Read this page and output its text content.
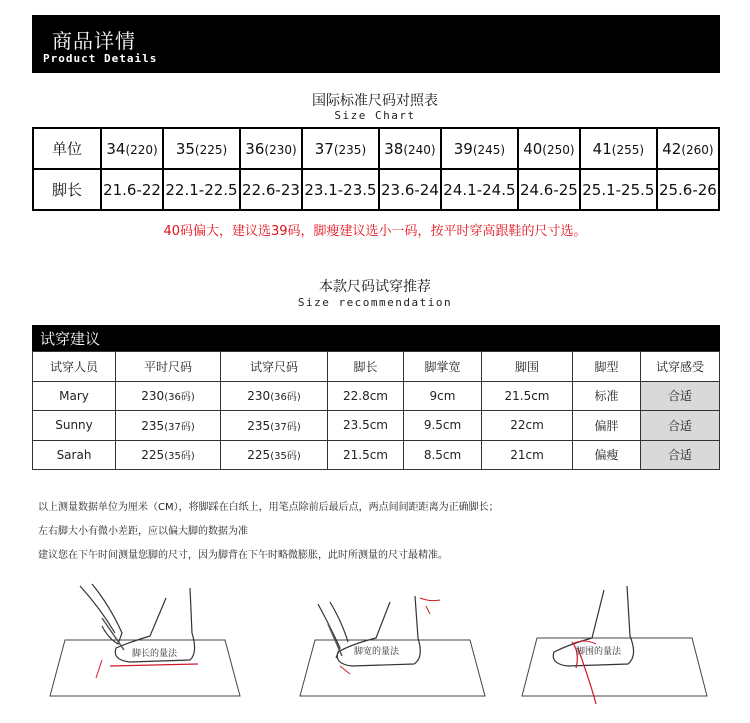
商品详情
Product Details
国际标准尺码对照表
Size Chart
单位	34(220)	35(225)	36(230)	37(235)	38(240)	39(245)	40(250)	41(255)	42(260)
脚长	21.6-22	22.1-22.5	22.6-23	23.1-23.5	23.6-24	24.1-24.5	24.6-25	25.1-25.5	25.6-26
40码偏大，建议选39码，脚瘦建议选小一码，按平时穿高跟鞋的尺寸选。
本款尺码试穿推荐
Size recommendation
试穿建议
试穿人员	平时尺码	试穿尺码	脚长	脚掌宽	脚围	脚型	试穿感受
Mary	230(36码)	230(36码)	22.8cm	9cm	21.5cm	标准	合适
Sunny	235(37码)	235(37码)	23.5cm	9.5cm	22cm	偏胖	合适
Sarah	225(35码)	225(35码)	21.5cm	8.5cm	21cm	偏瘦	合适
以上测量数据单位为厘米（CM），将脚踩在白纸上，用笔点除前后最后点，两点间间距距离为正确脚长；
左右脚大小有微小差距，应以偏大脚的数据为准
建议您在下午时间测量您脚的尺寸，因为脚背在下午时略微膨胀，此时所测量的尺寸最精准。
脚长的量法	脚宽的量法	脚围的量法
